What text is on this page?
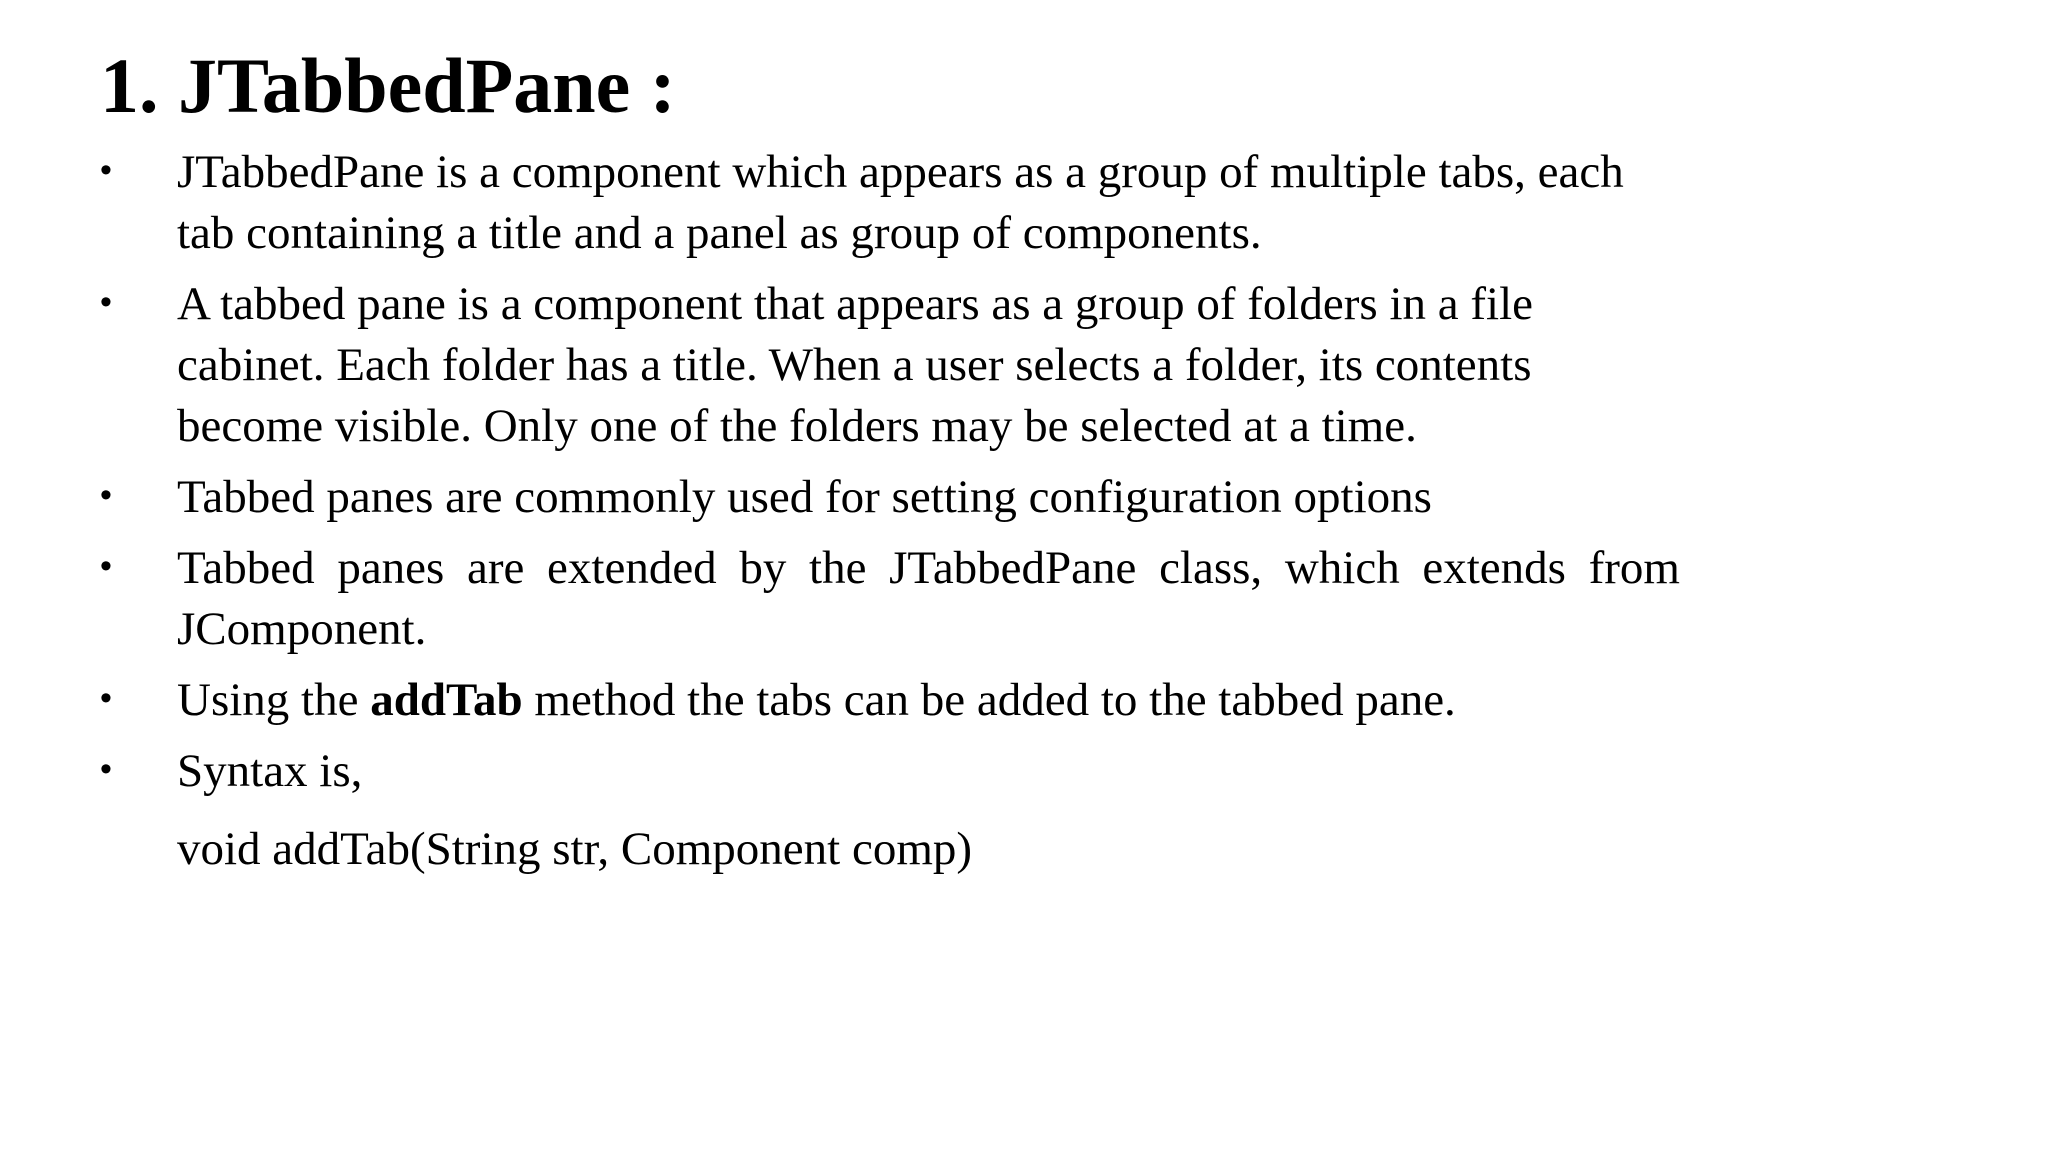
1. JTabbedPane :
•	JTabbedPane is a component which appears as a group of multiple tabs, each tab containing a title and a panel as group of components.
•	A tabbed pane is a component that appears as a group of folders in a file cabinet. Each folder has a title. When a user selects a folder, its contents become visible. Only one of the folders may be selected at a time.
•	Tabbed panes are commonly used for setting configuration options
•	Tabbed panes are extended by the JTabbedPane class, which extends from JComponent.
•	Using the addTab method the tabs can be added to the tabbed pane.
•	Syntax is,
void addTab(String str, Component comp)
